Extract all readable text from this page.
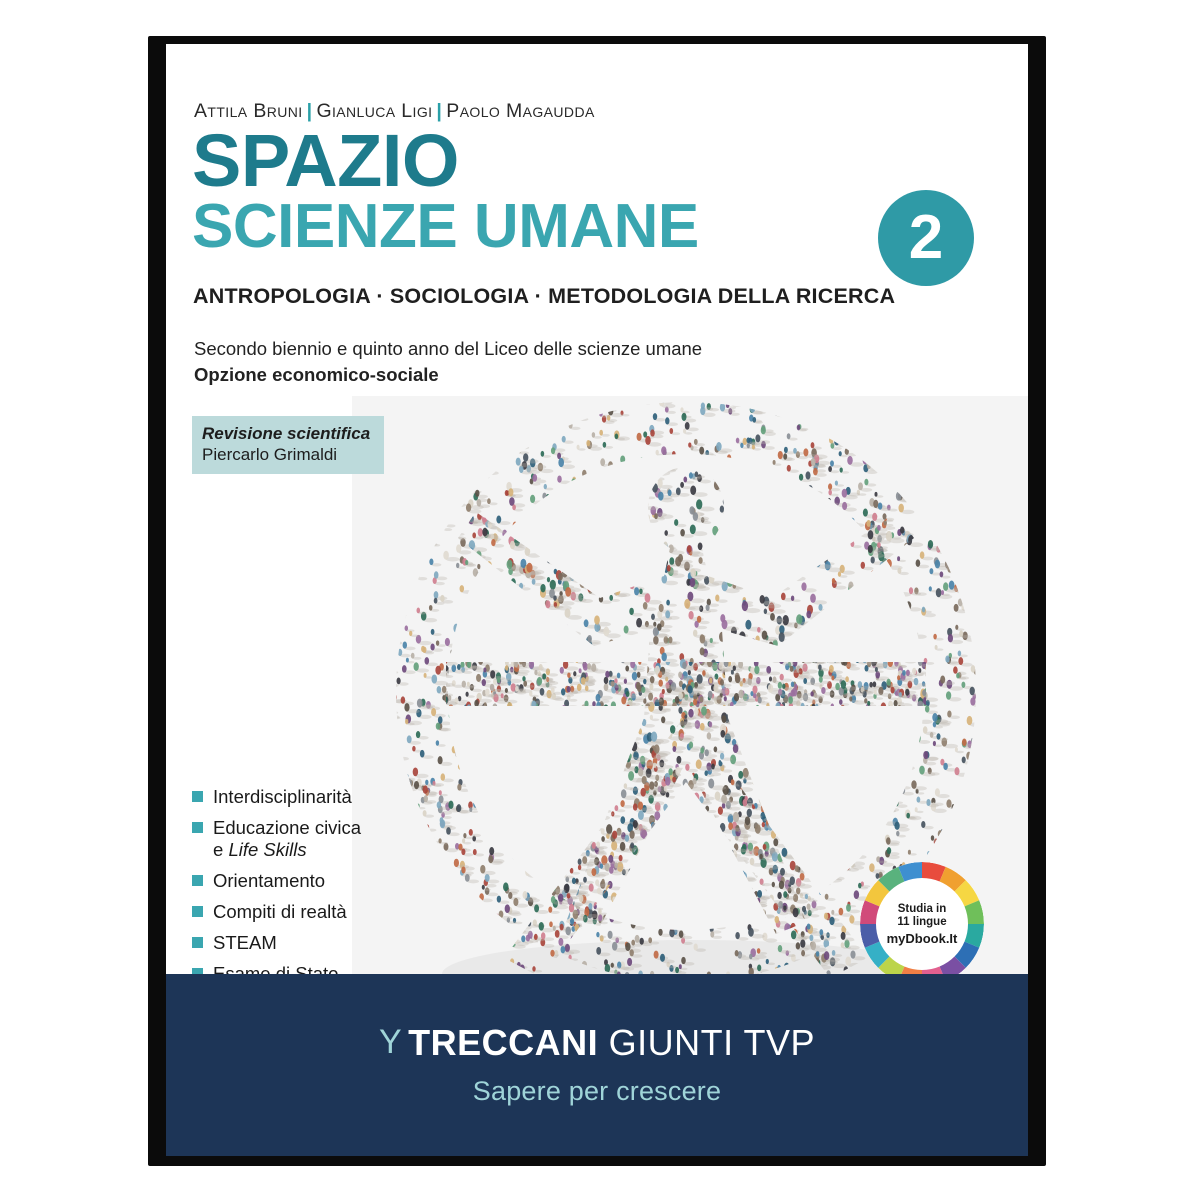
Attila Bruni | Gianluca Ligi | Paolo Magaudda
SPAZIO
SCIENZE UMANE	2
ANTROPOLOGIA · SOCIOLOGIA · METODOLOGIA DELLA RICERCA
Secondo biennio e quinto anno del Liceo delle scienze umane
Opzione economico-sociale
Revisione scientifica
Piercarlo Grimaldi
Interdisciplinarità
Educazione civica
e Life Skills
Orientamento
Compiti di realtà
STEAM
Studia in
11 lingue
myDbook.It
Υ TRECCANI GIUNTI TVP
Sapere per crescere
